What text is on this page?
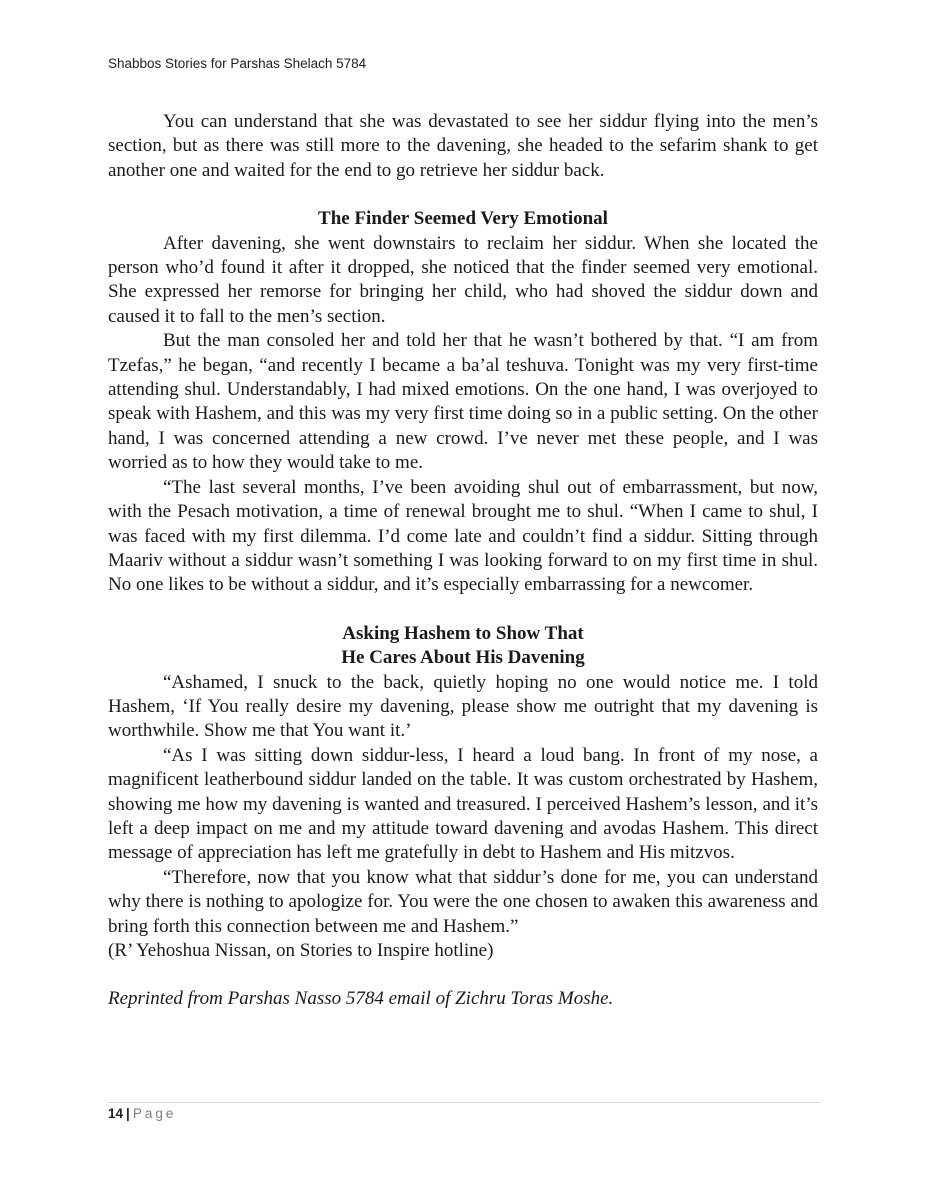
Shabbos Stories for Parshas Shelach 5784

You can understand that she was devastated to see her siddur flying into the men’s section, but as there was still more to the davening, she headed to the sefarim shank to get another one and waited for the end to go retrieve her siddur back.

The Finder Seemed Very Emotional

After davening, she went downstairs to reclaim her siddur. When she located the person who’d found it after it dropped, she noticed that the finder seemed very emotional. She expressed her remorse for bringing her child, who had shoved the siddur down and caused it to fall to the men’s section.

But the man consoled her and told her that he wasn’t bothered by that. “I am from Tzefas,” he began, “and recently I became a ba’al teshuva. Tonight was my very first-time attending shul. Understandably, I had mixed emotions. On the one hand, I was overjoyed to speak with Hashem, and this was my very first time doing so in a public setting. On the other hand, I was concerned attending a new crowd. I’ve never met these people, and I was worried as to how they would take to me.

“The last several months, I’ve been avoiding shul out of embarrassment, but now, with the Pesach motivation, a time of renewal brought me to shul. “When I came to shul, I was faced with my first dilemma. I’d come late and couldn’t find a siddur. Sitting through Maariv without a siddur wasn’t something I was looking forward to on my first time in shul. No one likes to be without a siddur, and it’s especially embarrassing for a newcomer.

Asking Hashem to Show That
He Cares About His Davening

“Ashamed, I snuck to the back, quietly hoping no one would notice me. I told Hashem, ‘If You really desire my davening, please show me outright that my davening is worthwhile. Show me that You want it.’

“As I was sitting down siddur-less, I heard a loud bang. In front of my nose, a magnificent leatherbound siddur landed on the table. It was custom orchestrated by Hashem, showing me how my davening is wanted and treasured. I perceived Hashem’s lesson, and it’s left a deep impact on me and my attitude toward davening and avodas Hashem. This direct message of appreciation has left me gratefully in debt to Hashem and His mitzvos.

“Therefore, now that you know what that siddur’s done for me, you can understand why there is nothing to apologize for. You were the one chosen to awaken this awareness and bring forth this connection between me and Hashem.”

(R’ Yehoshua Nissan, on Stories to Inspire hotline)

Reprinted from Parshas Nasso 5784 email of Zichru Toras Moshe.

14 | Page
